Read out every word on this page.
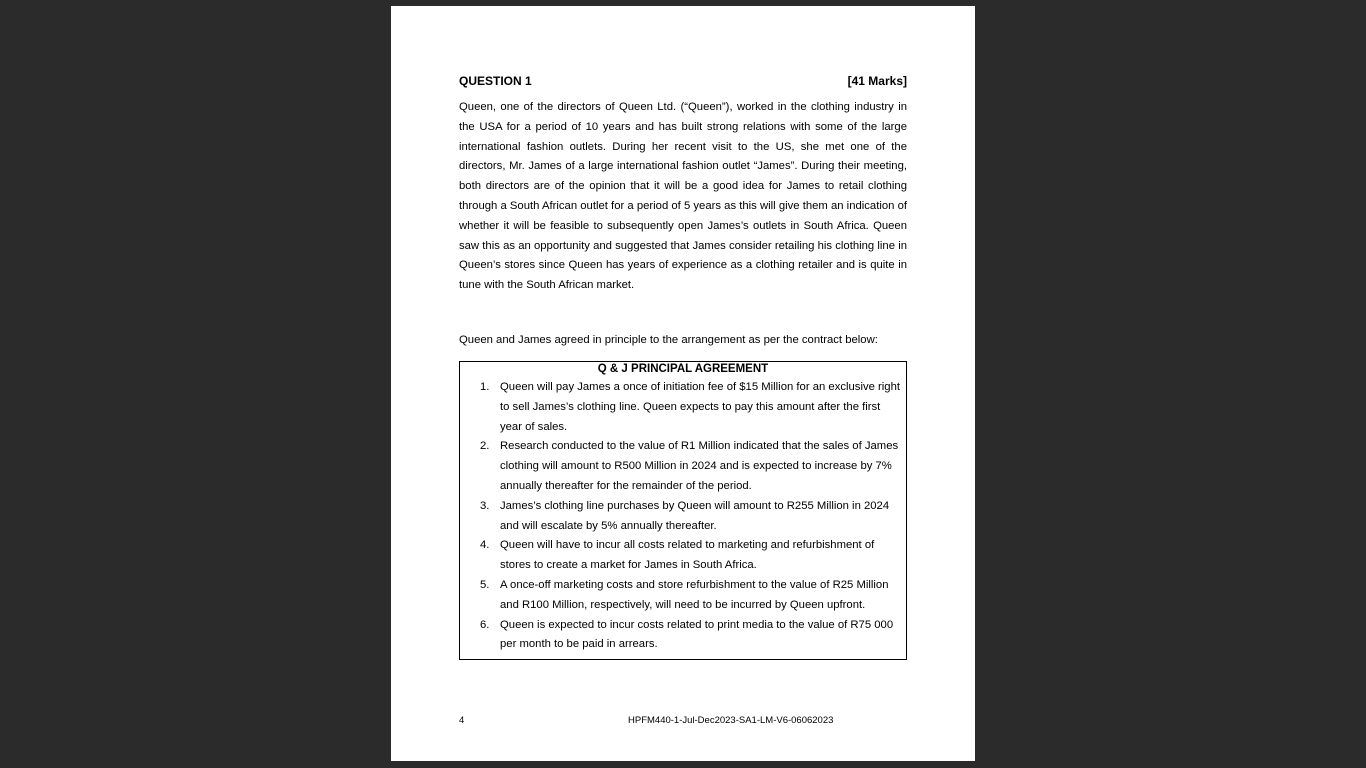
QUESTION 1	[41 Marks]

Queen, one of the directors of Queen Ltd. (“Queen”), worked in the clothing industry in the USA for a period of 10 years and has built strong relations with some of the large international fashion outlets. During her recent visit to the US, she met one of the directors, Mr. James of a large international fashion outlet “James”. During their meeting, both directors are of the opinion that it will be a good idea for James to retail clothing through a South African outlet for a period of 5 years as this will give them an indication of whether it will be feasible to subsequently open James’s outlets in South Africa. Queen saw this as an opportunity and suggested that James consider retailing his clothing line in Queen’s stores since Queen has years of experience as a clothing retailer and is quite in tune with the South African market.

Queen and James agreed in principle to the arrangement as per the contract below:

Q & J PRINCIPAL AGREEMENT
1. Queen will pay James a once of initiation fee of $15 Million for an exclusive right to sell James’s clothing line. Queen expects to pay this amount after the first year of sales.
2. Research conducted to the value of R1 Million indicated that the sales of James clothing will amount to R500 Million in 2024 and is expected to increase by 7% annually thereafter for the remainder of the period.
3. James’s clothing line purchases by Queen will amount to R255 Million in 2024 and will escalate by 5% annually thereafter.
4. Queen will have to incur all costs related to marketing and refurbishment of stores to create a market for James in South Africa.
5. A once-off marketing costs and store refurbishment to the value of R25 Million and R100 Million, respectively, will need to be incurred by Queen upfront.
6. Queen is expected to incur costs related to print media to the value of R75 000 per month to be paid in arrears.
4	HPFM440-1-Jul-Dec2023-SA1-LM-V6-06062023
